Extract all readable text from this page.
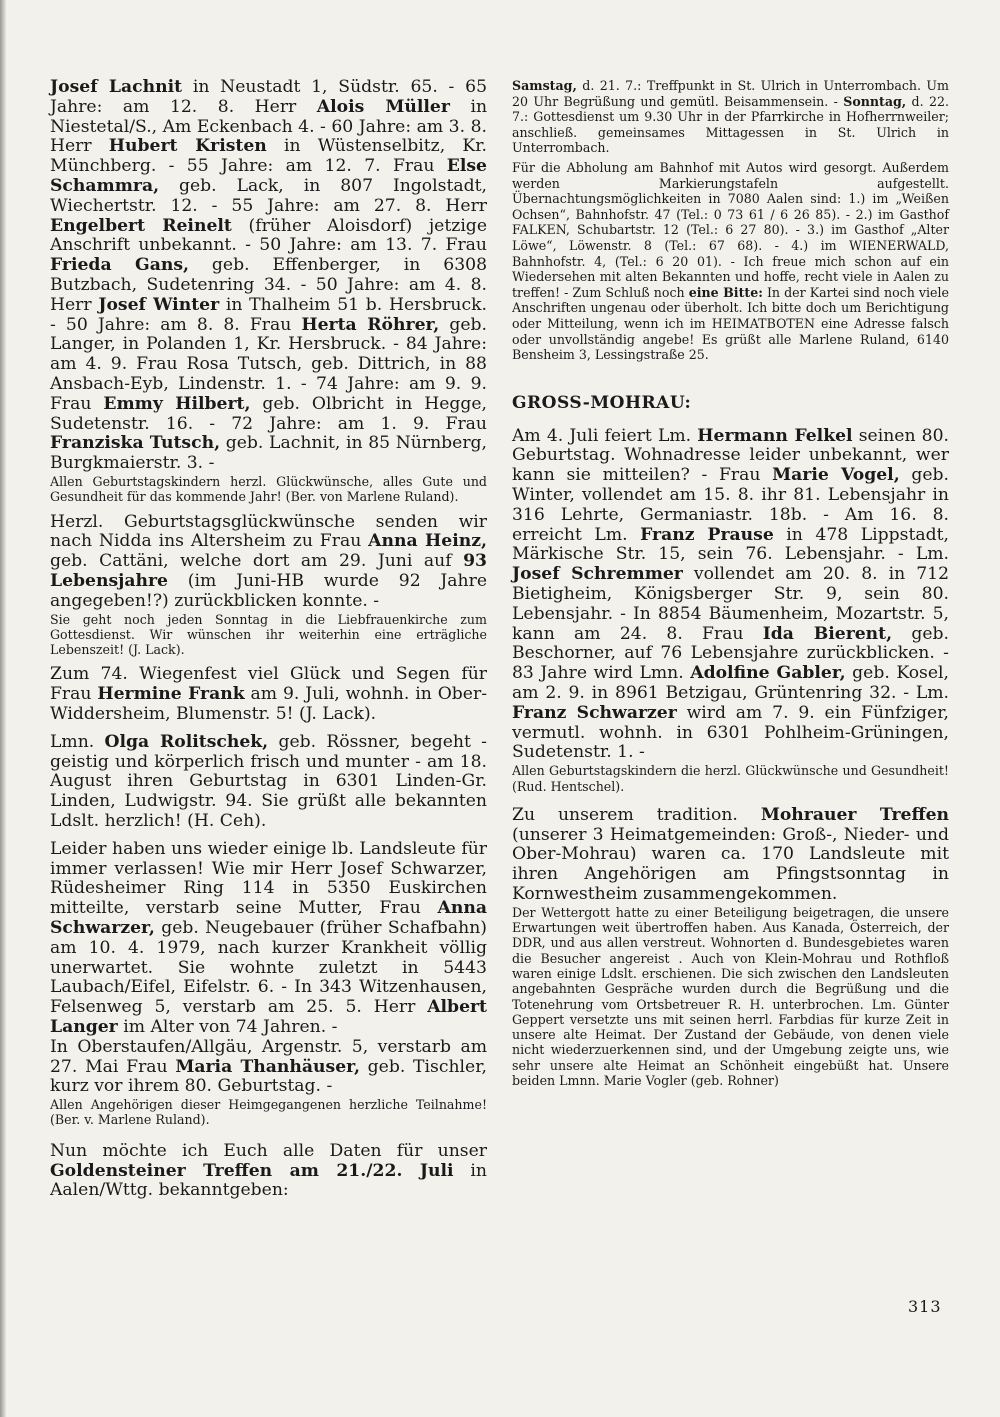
Josef Lachnit in Neustadt 1, Südstr. 65. - 65 Jahre: am 12. 8. Herr Alois Müller in Niestetal/S., Am Eckenbach 4. - 60 Jahre: am 3. 8. Herr Hubert Kristen in Wüstenselbitz, Kr. Münchberg. - 55 Jahre: am 12. 7. Frau Else Schammra, geb. Lack, in 807 Ingolstadt, Wiechertstr. 12. - 55 Jahre: am 27. 8. Herr Engelbert Reinelt (früher Aloisdorf) jetzige Anschrift unbekannt. - 50 Jahre: am 13. 7. Frau Frieda Gans, geb. Effenberger, in 6308 Butzbach, Sudetenring 34. - 50 Jahre: am 4. 8. Herr Josef Winter in Thalheim 51 b. Hersbruck. - 50 Jahre: am 8. 8. Frau Herta Röhrer, geb. Langer, in Polanden 1, Kr. Hersbruck. - 84 Jahre: am 4. 9. Frau Rosa Tutsch, geb. Dittrich, in 88 Ansbach-Eyb, Lindenstr. 1. - 74 Jahre: am 9. 9. Frau Emmy Hilbert, geb. Olbricht in Hegge, Sudetenstr. 16. - 72 Jahre: am 1. 9. Frau Franziska Tutsch, geb. Lachnit, in 85 Nürnberg, Burgkmaierstr. 3. -

Allen Geburtstagskindern herzl. Glückwünsche, alles Gute und Gesundheit für das kommende Jahr! (Ber. von Marlene Ruland).

Herzl. Geburtstagsglückwünsche senden wir nach Nidda ins Altersheim zu Frau Anna Heinz, geb. Cattäni, welche dort am 29. Juni auf 93 Lebensjahre (im Juni-HB wurde 92 Jahre angegeben!?) zurückblicken konnte. -

Sie geht noch jeden Sonntag in die Liebfrauenkirche zum Gottesdienst. Wir wünschen ihr weiterhin eine erträgliche Lebenszeit! (J. Lack).

Zum 74. Wiegenfest viel Glück und Segen für Frau Hermine Frank am 9. Juli, wohnh. in Ober-Widdersheim, Blumenstr. 5! (J. Lack).

Lmn. Olga Rolitschek, geb. Rössner, begeht - geistig und körperlich frisch und munter - am 18. August ihren Geburtstag in 6301 Linden-Gr. Linden, Ludwigstr. 94. Sie grüßt alle bekannten Ldslt. herzlich! (H. Ceh).

Leider haben uns wieder einige lb. Landsleute für immer verlassen! Wie mir Herr Josef Schwarzer, Rüdesheimer Ring 114 in 5350 Euskirchen mitteilte, verstarb seine Mutter, Frau Anna Schwarzer, geb. Neugebauer (früher Schafbahn) am 10. 4. 1979, nach kurzer Krankheit völlig unerwartet. Sie wohnte zuletzt in 5443 Laubach/Eifel, Eifelstr. 6. - In 343 Witzenhausen, Felsenweg 5, verstarb am 25. 5. Herr Albert Langer im Alter von 74 Jahren. -

In Oberstaufen/Allgäu, Argenstr. 5, verstarb am 27. Mai Frau Maria Thanhäuser, geb. Tischler, kurz vor ihrem 80. Geburtstag. -

Allen Angehörigen dieser Heimgegangenen herzliche Teilnahme! (Ber. v. Marlene Ruland).

Nun möchte ich Euch alle Daten für unser Goldensteiner Treffen am 21./22. Juli in Aalen/Wttg. bekanntgeben:

Samstag, d. 21. 7.: Treffpunkt in St. Ulrich in Unterrombach. Um 20 Uhr Begrüßung und gemütl. Beisammensein. - Sonntag, d. 22. 7.: Gottesdienst um 9.30 Uhr in der Pfarrkirche in Hofherrnweiler; anschließ. gemeinsames Mittagessen in St. Ulrich in Unterrombach.

Für die Abholung am Bahnhof mit Autos wird gesorgt. Außerdem werden Markierungstafeln aufgestellt. Übernachtungsmöglichkeiten in 7080 Aalen sind: 1.) im „Weißen Ochsen“, Bahnhofstr. 47 (Tel.: 0 73 61 / 6 26 85). - 2.) im Gasthof FALKEN, Schubartstr. 12 (Tel.: 6 27 80). - 3.) im Gasthof „Alter Löwe“, Löwenstr. 8 (Tel.: 67 68). - 4.) im WIENERWALD, Bahnhofstr. 4, (Tel.: 6 20 01). - Ich freue mich schon auf ein Wiedersehen mit alten Bekannten und hoffe, recht viele in Aalen zu treffen! - Zum Schluß noch eine Bitte: In der Kartei sind noch viele Anschriften ungenau oder überholt. Ich bitte doch um Berichtigung oder Mitteilung, wenn ich im HEIMATBOTEN eine Adresse falsch oder unvollständig angebe! Es grüßt alle Marlene Ruland, 6140 Bensheim 3, Lessingstraße 25.

GROSS-MOHRAU:

Am 4. Juli feiert Lm. Hermann Felkel seinen 80. Geburtstag. Wohnadresse leider unbekannt, wer kann sie mitteilen? - Frau Marie Vogel, geb. Winter, vollendet am 15. 8. ihr 81. Lebensjahr in 316 Lehrte, Germaniastr. 18b. - Am 16. 8. erreicht Lm. Franz Prause in 478 Lippstadt, Märkische Str. 15, sein 76. Lebensjahr. - Lm. Josef Schremmer vollendet am 20. 8. in 712 Bietigheim, Königsberger Str. 9, sein 80. Lebensjahr. - In 8854 Bäumenheim, Mozartstr. 5, kann am 24. 8. Frau Ida Bierent, geb. Beschorner, auf 76 Lebensjahre zurückblicken. - 83 Jahre wird Lmn. Adolfine Gabler, geb. Kosel, am 2. 9. in 8961 Betzigau, Grüntenring 32. - Lm. Franz Schwarzer wird am 7. 9. ein Fünfziger, vermutl. wohnh. in 6301 Pohlheim-Grüningen, Sudetenstr. 1. -

Allen Geburtstagskindern die herzl. Glückwünsche und Gesundheit! (Rud. Hentschel).

Zu unserem tradition. Mohrauer Treffen (unserer 3 Heimatgemeinden: Groß-, Nieder- und Ober-Mohrau) waren ca. 170 Landsleute mit ihren Angehörigen am Pfingstsonntag in Kornwestheim zusammengekommen.

Der Wettergott hatte zu einer Beteiligung beigetragen, die unsere Erwartungen weit übertroffen haben. Aus Kanada, Österreich, der DDR, und aus allen verstreut. Wohnorten d. Bundesgebietes waren die Besucher angereist . Auch von Klein-Mohrau und Rothfloß waren einige Ldslt. erschienen. Die sich zwischen den Landsleuten angebahnten Gespräche wurden durch die Begrüßung und die Totenehrung vom Ortsbetreuer R. H. unterbrochen. Lm. Günter Geppert versetzte uns mit seinen herrl. Farbdias für kurze Zeit in unsere alte Heimat. Der Zustand der Gebäude, von denen viele nicht wiederzuerkennen sind, und der Umgebung zeigte uns, wie sehr unsere alte Heimat an Schönheit eingebüßt hat. Unsere beiden Lmnn. Marie Vogler (geb. Rohner)

313
